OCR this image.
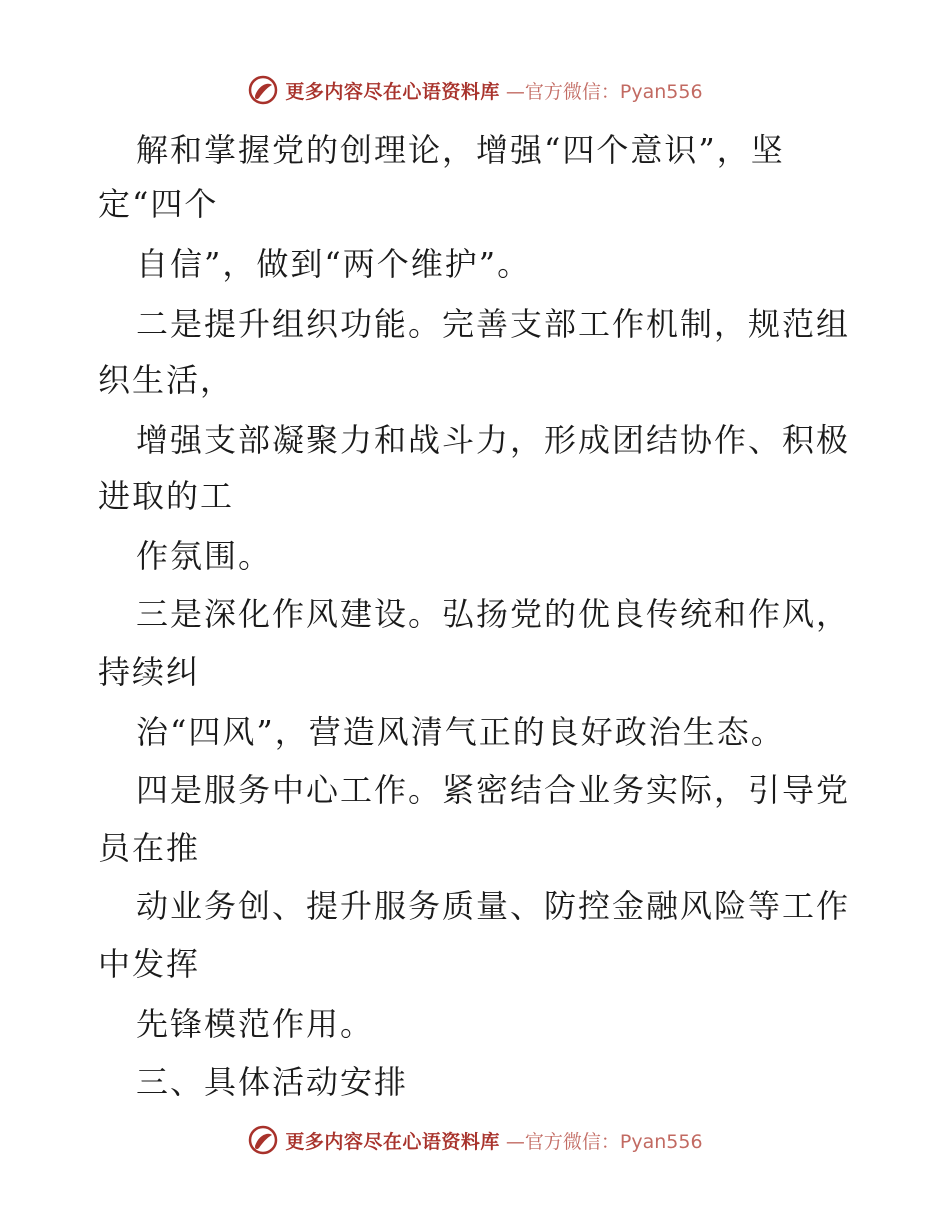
更多内容尽在心语资料库 —官方微信：Pyan556
解和掌握党的创理论，增强“四个意识”，坚
定“四个
自信”，做到“两个维护”。
二是提升组织功能。完善支部工作机制，规范组
织生活，
增强支部凝聚力和战斗力，形成团结协作、积极
进取的工
作氛围。
三是深化作风建设。弘扬党的优良传统和作风，
持续纠
治“四风”，营造风清气正的良好政治生态。
四是服务中心工作。紧密结合业务实际，引导党
员在推
动业务创、提升服务质量、防控金融风险等工作
中发挥
先锋模范作用。
三、具体活动安排
更多内容尽在心语资料库 —官方微信：Pyan556
